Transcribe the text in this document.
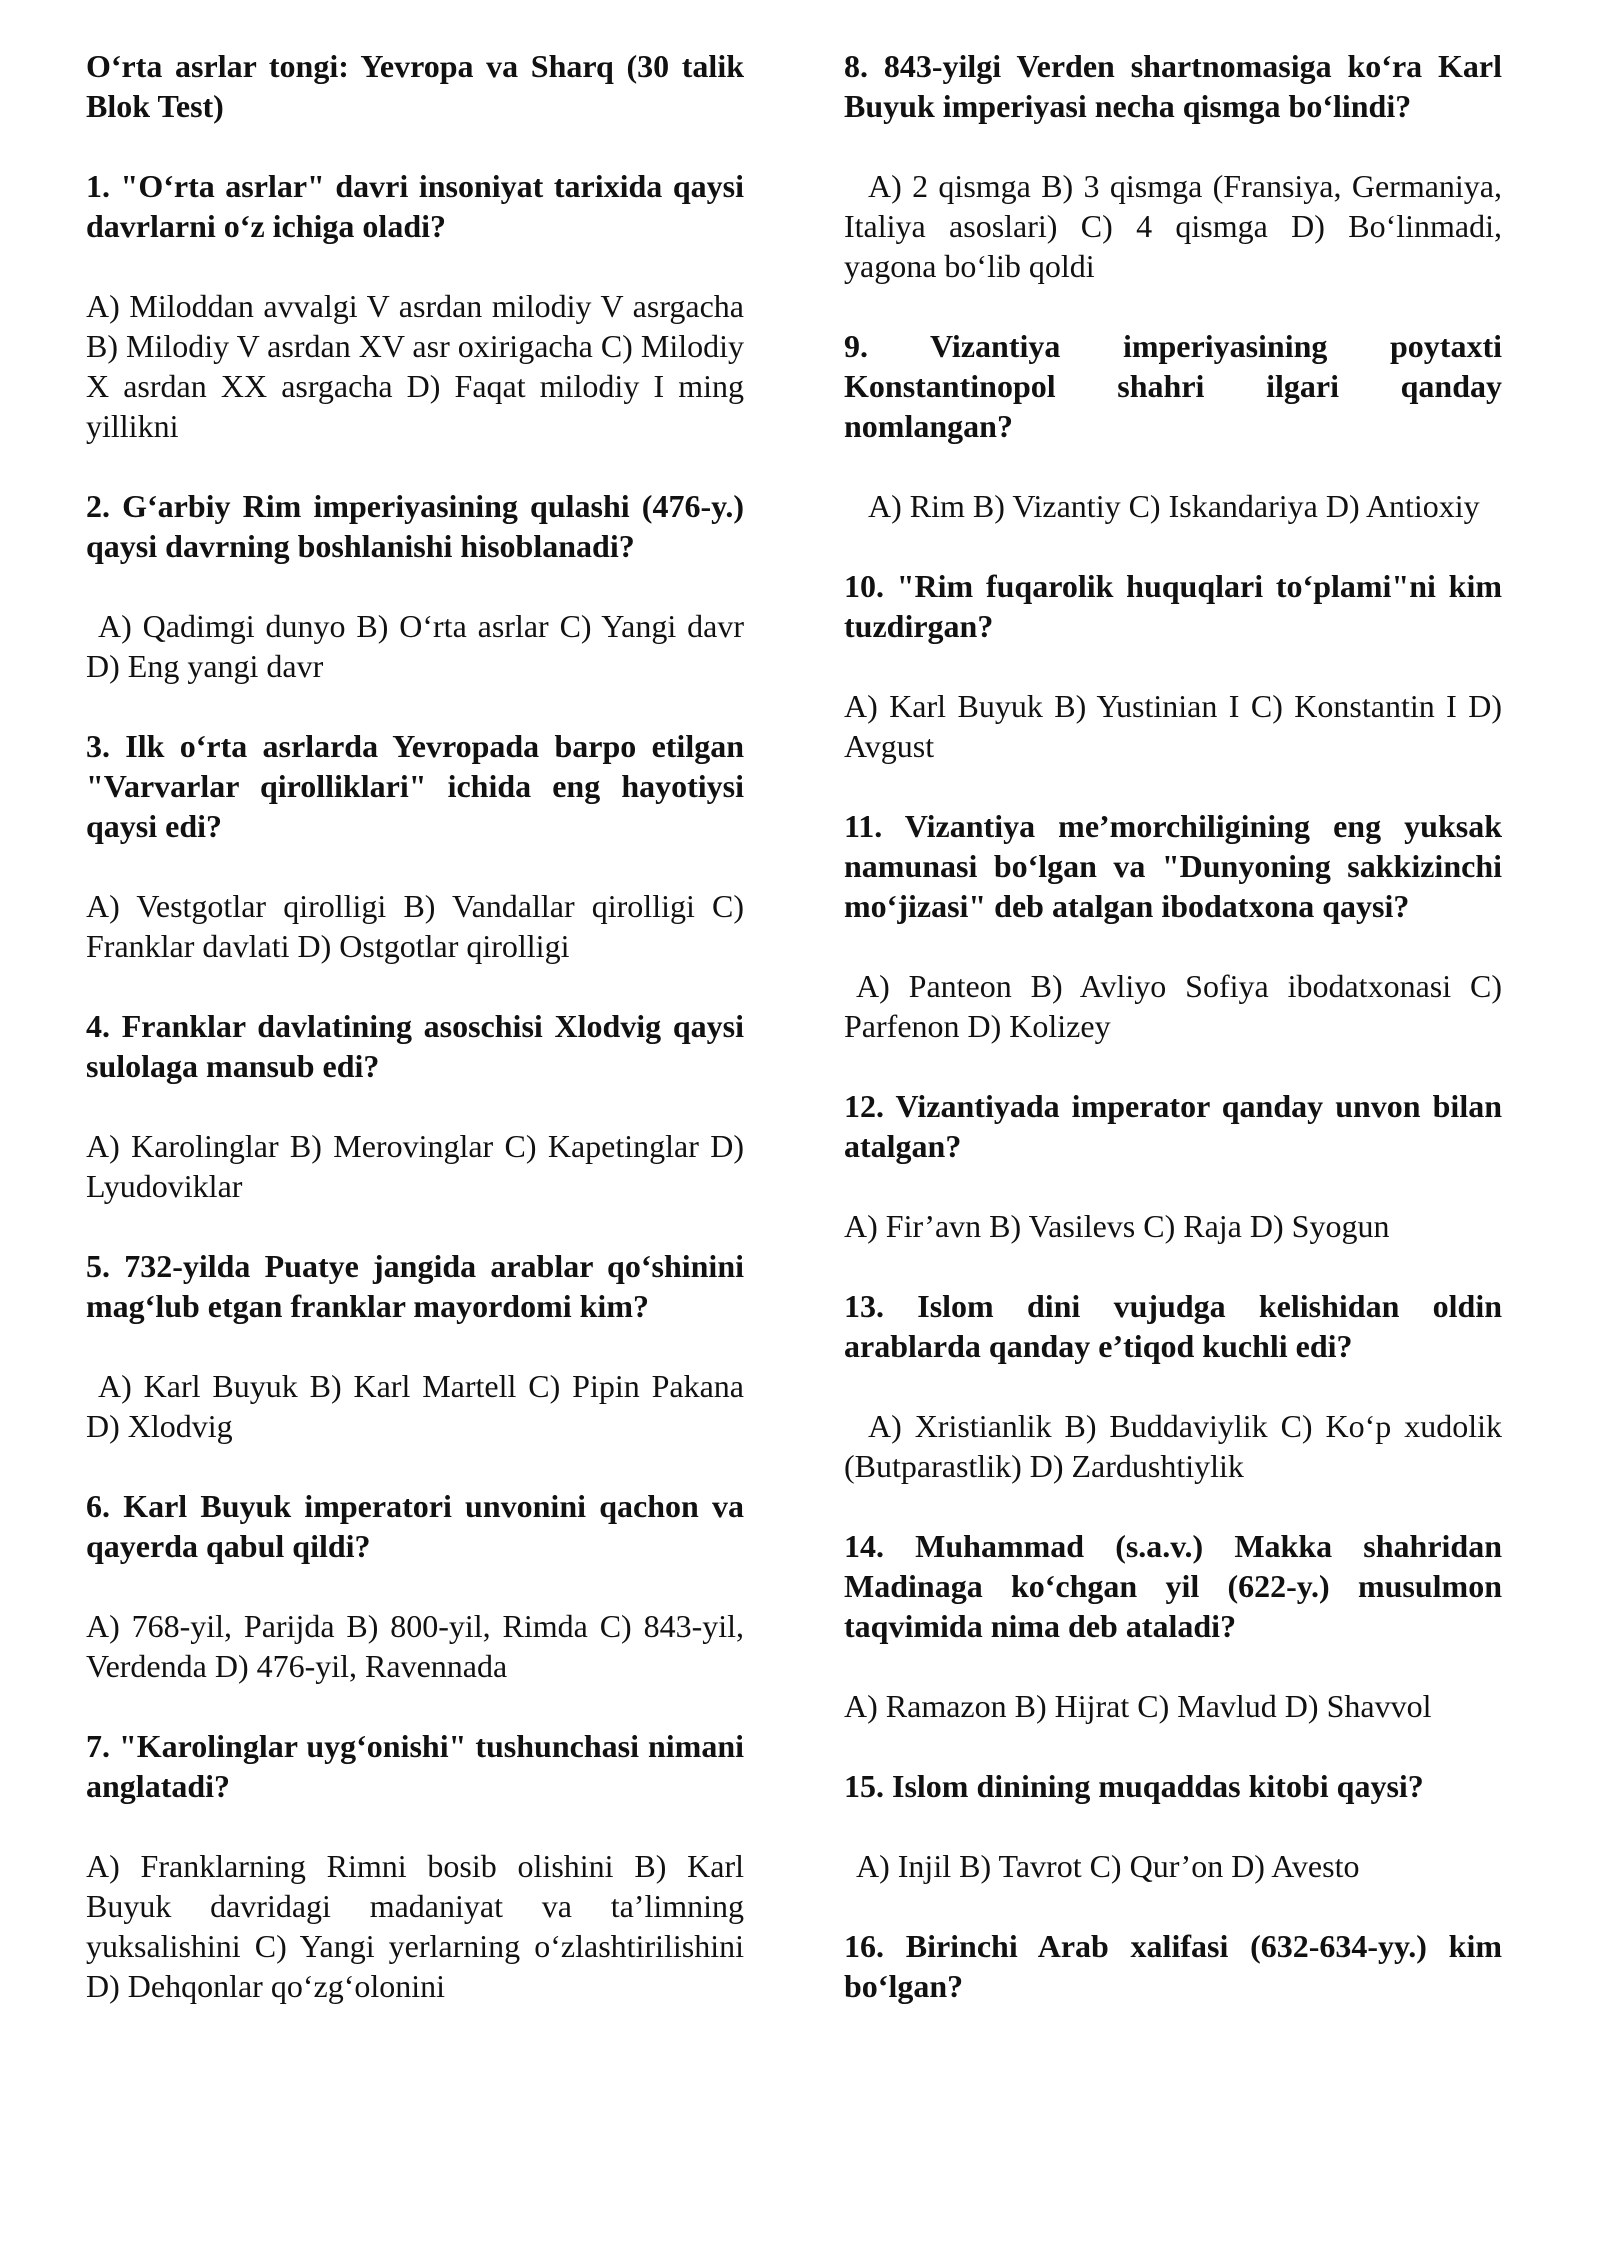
O‘rta asrlar tongi: Yevropa va Sharq (30 talik Blok Test)
1. "O‘rta asrlar" davri insoniyat tarixida qaysi davrlarni o‘z ichiga oladi?
A) Miloddan avvalgi V asrdan milodiy V asrgacha B) Milodiy V asrdan XV asr oxirigacha C) Milodiy X asrdan XX asrgacha D) Faqat milodiy I ming yillikni
2. G‘arbiy Rim imperiyasining qulashi (476-y.) qaysi davrning boshlanishi hisoblanadi?
A) Qadimgi dunyo B) O‘rta asrlar C) Yangi davr D) Eng yangi davr
3. Ilk o‘rta asrlarda Yevropada barpo etilgan "Varvarlar qirolliklari" ichida eng hayotiysi qaysi edi?
A) Vestgotlar qirolligi B) Vandallar qirolligi C) Franklar davlati D) Ostgotlar qirolligi
4. Franklar davlatining asoschisi Xlodvig qaysi sulolaga mansub edi?
A) Karolinglar B) Merovinglar C) Kapetinglar D) Lyudoviklar
5. 732-yilda Puatye jangida arablar qo‘shinini mag‘lub etgan franklar mayordomi kim?
A) Karl Buyuk B) Karl Martell C) Pipin Pakana D) Xlodvig
6. Karl Buyuk imperatori unvonini qachon va qayerda qabul qildi?
A) 768-yil, Parijda B) 800-yil, Rimda C) 843-yil, Verdenda D) 476-yil, Ravennada
7. "Karolinglar uyg‘onishi" tushunchasi nimani anglatadi?
A) Franklarning Rimni bosib olishini B) Karl Buyuk davridagi madaniyat va ta’limning yuksalishini C) Yangi yerlarning o‘zlashtirilishini D) Dehqonlar qo‘zg‘olonini
8. 843-yilgi Verden shartnomasiga ko‘ra Karl Buyuk imperiyasi necha qismga bo‘lindi?
A) 2 qismga B) 3 qismga (Fransiya, Germaniya, Italiya asoslari) C) 4 qismga D) Bo‘linmadi, yagona bo‘lib qoldi
9. Vizantiya imperiyasining poytaxti Konstantinopol shahri ilgari qanday nomlangan?
A) Rim B) Vizantiy C) Iskandariya D) Antioxiy
10. "Rim fuqarolik huquqlari to‘plami"ni kim tuzdirgan?
A) Karl Buyuk B) Yustinian I C) Konstantin I D) Avgust
11. Vizantiya me’morchiligining eng yuksak namunasi bo‘lgan va "Dunyoning sakkizinchi mo‘jizasi" deb atalgan ibodatxona qaysi?
A) Panteon B) Avliyo Sofiya ibodatxonasi C) Parfenon D) Kolizey
12. Vizantiyada imperator qanday unvon bilan atalgan?
A) Fir’avn B) Vasilevs C) Raja D) Syogun
13. Islom dini vujudga kelishidan oldin arablarda qanday e’tiqod kuchli edi?
A) Xristianlik B) Buddaviylik C) Ko‘p xudolik (Butparastlik) D) Zardushtiylik
14. Muhammad (s.a.v.) Makka shahridan Madinaga ko‘chgan yil (622-y.) musulmon taqvimida nima deb ataladi?
A) Ramazon B) Hijrat C) Mavlud D) Shavvol
15. Islom dinining muqaddas kitobi qaysi?
A) Injil B) Tavrot C) Qur’on D) Avesto
16. Birinchi Arab xalifasi (632-634-yy.) kim bo‘lgan?
